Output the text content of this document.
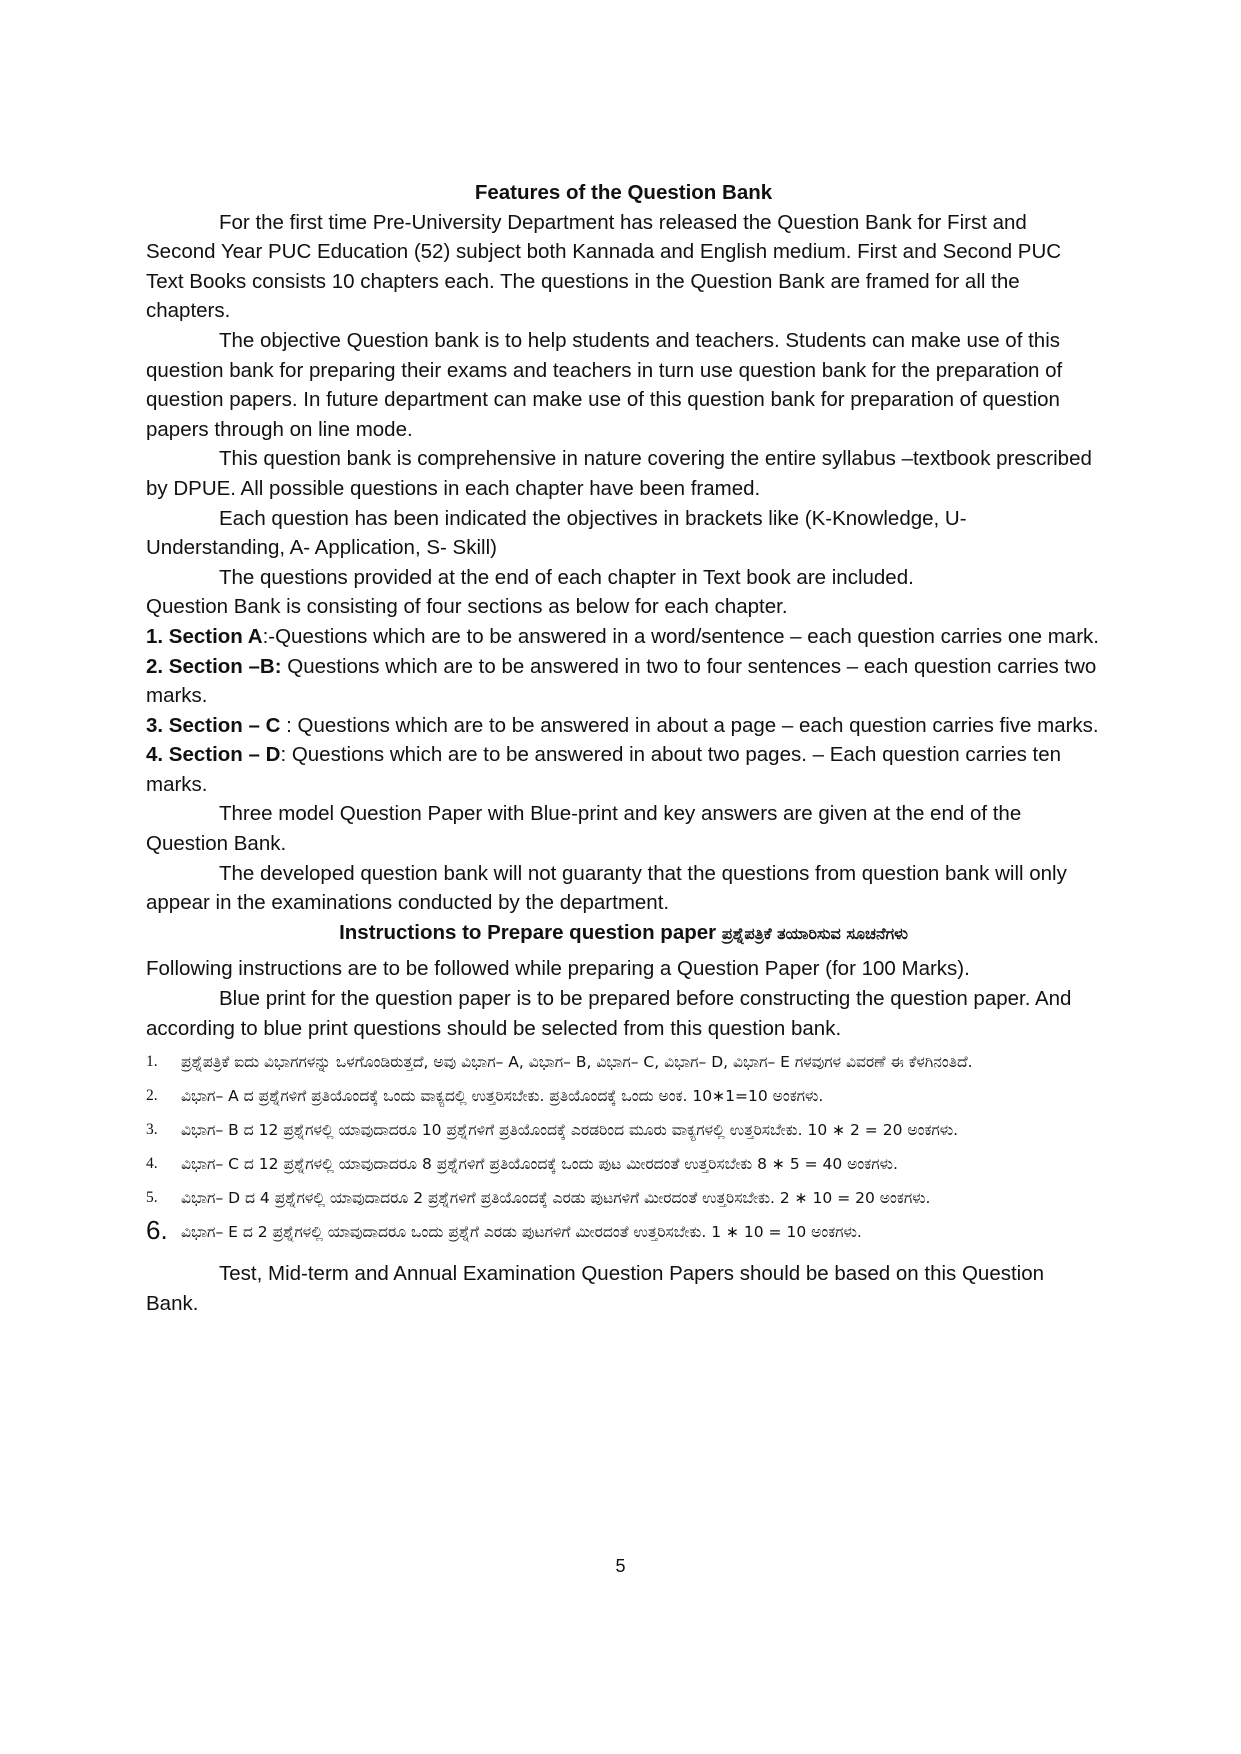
Features of the Question Bank

For the first time Pre-University Department has released the Question Bank for First and Second Year PUC Education (52) subject both Kannada and English medium. First and Second PUC Text Books consists 10 chapters each. The questions in the Question Bank are framed for all the chapters.

The objective Question bank is to help students and teachers. Students can make use of this question bank for preparing their exams and teachers in turn use question bank for the preparation of question papers. In future department can make use of this question bank for preparation of question papers through on line mode.

This question bank is comprehensive in nature covering the entire syllabus –textbook prescribed by DPUE. All possible questions in each chapter have been framed.

Each question has been indicated the objectives in brackets like (K-Knowledge, U-Understanding, A- Application, S- Skill)

The questions provided at the end of each chapter in Text book are included.

Question Bank is consisting of four sections as below for each chapter.

1. Section A:-Questions which are to be answered in a word/sentence – each question carries one mark.

2. Section –B: Questions which are to be answered in two to four sentences – each question carries two marks.

3. Section – C : Questions which are to be answered in about a page – each question carries five marks.

4. Section – D: Questions which are to be answered in about two pages. – Each question carries ten marks.

Three model Question Paper with Blue-print and key answers are given at the end of the Question Bank.

The developed question bank will not guaranty that the questions from question bank will only appear in the examinations conducted by the department.

Instructions to Prepare question paper ಪ್ರಶ್ನೆಪತ್ರಿಕೆ ತಯಾರಿಸುವ ಸೂಚನೆಗಳು

Following instructions are to be followed while preparing a Question Paper (for 100 Marks).

Blue print for the question paper is to be prepared before constructing the question paper. And according to blue print questions should be selected from this question bank.

1. ಪ್ರಶ್ನೆಪತ್ರಿಕೆ ಐದು ವಿಭಾಗಗಳನ್ನು ಒಳಗೊಂಡಿರುತ್ತದೆ, ಅವು ವಿಭಾಗ– A, ವಿಭಾಗ– B, ವಿಭಾಗ– C, ವಿಭಾಗ– D, ವಿಭಾಗ– E ಗಳವುಗಳ ವಿವರಣೆ ಈ ಕೆಳಗಿನಂತಿದೆ.
2. ವಿಭಾಗ– A ದ ಪ್ರಶ್ನೆಗಳಿಗೆ ಪ್ರತಿಯೊಂದಕ್ಕೆ ಒಂದು ವಾಕ್ಯದಲ್ಲಿ ಉತ್ತರಿಸಬೇಕು. ಪ್ರತಿಯೊಂದಕ್ಕೆ ಒಂದು ಅಂಕ. 10∗1=10 ಅಂಕಗಳು.
3. ವಿಭಾಗ– B ದ 12 ಪ್ರಶ್ನೆಗಳಲ್ಲಿ ಯಾವುದಾದರೂ 10 ಪ್ರಶ್ನೆಗಳಿಗೆ ಪ್ರತಿಯೊಂದಕ್ಕೆ ಎರಡರಿಂದ ಮೂರು ವಾಕ್ಯಗಳಲ್ಲಿ ಉತ್ತರಿಸಬೇಕು. 10 ∗ 2 = 20 ಅಂಕಗಳು.
4. ವಿಭಾಗ– C ದ 12 ಪ್ರಶ್ನೆಗಳಲ್ಲಿ ಯಾವುದಾದರೂ 8 ಪ್ರಶ್ನೆಗಳಿಗೆ ಪ್ರತಿಯೊಂದಕ್ಕೆ ಒಂದು ಪುಟ ಮೀರದಂತೆ ಉತ್ತರಿಸಬೇಕು 8 ∗ 5 = 40 ಅಂಕಗಳು.
5. ವಿಭಾಗ– D ದ 4 ಪ್ರಶ್ನೆಗಳಲ್ಲಿ ಯಾವುದಾದರೂ 2 ಪ್ರಶ್ನೆಗಳಿಗೆ ಪ್ರತಿಯೊಂದಕ್ಕೆ ಎರಡು ಪುಟಗಳಿಗೆ ಮೀರದಂತೆ ಉತ್ತರಿಸಬೇಕು. 2 ∗ 10 = 20 ಅಂಕಗಳು.
6. ವಿಭಾಗ– E ದ 2 ಪ್ರಶ್ನೆಗಳಲ್ಲಿ ಯಾವುದಾದರೂ ಒಂದು ಪ್ರಶ್ನೆಗೆ ಎರಡು ಪುಟಗಳಿಗೆ ಮೀರದಂತೆ ಉತ್ತರಿಸಬೇಕು. 1 ∗ 10 = 10 ಅಂಕಗಳು.

Test, Mid-term and Annual Examination Question Papers should be based on this Question Bank.

5
